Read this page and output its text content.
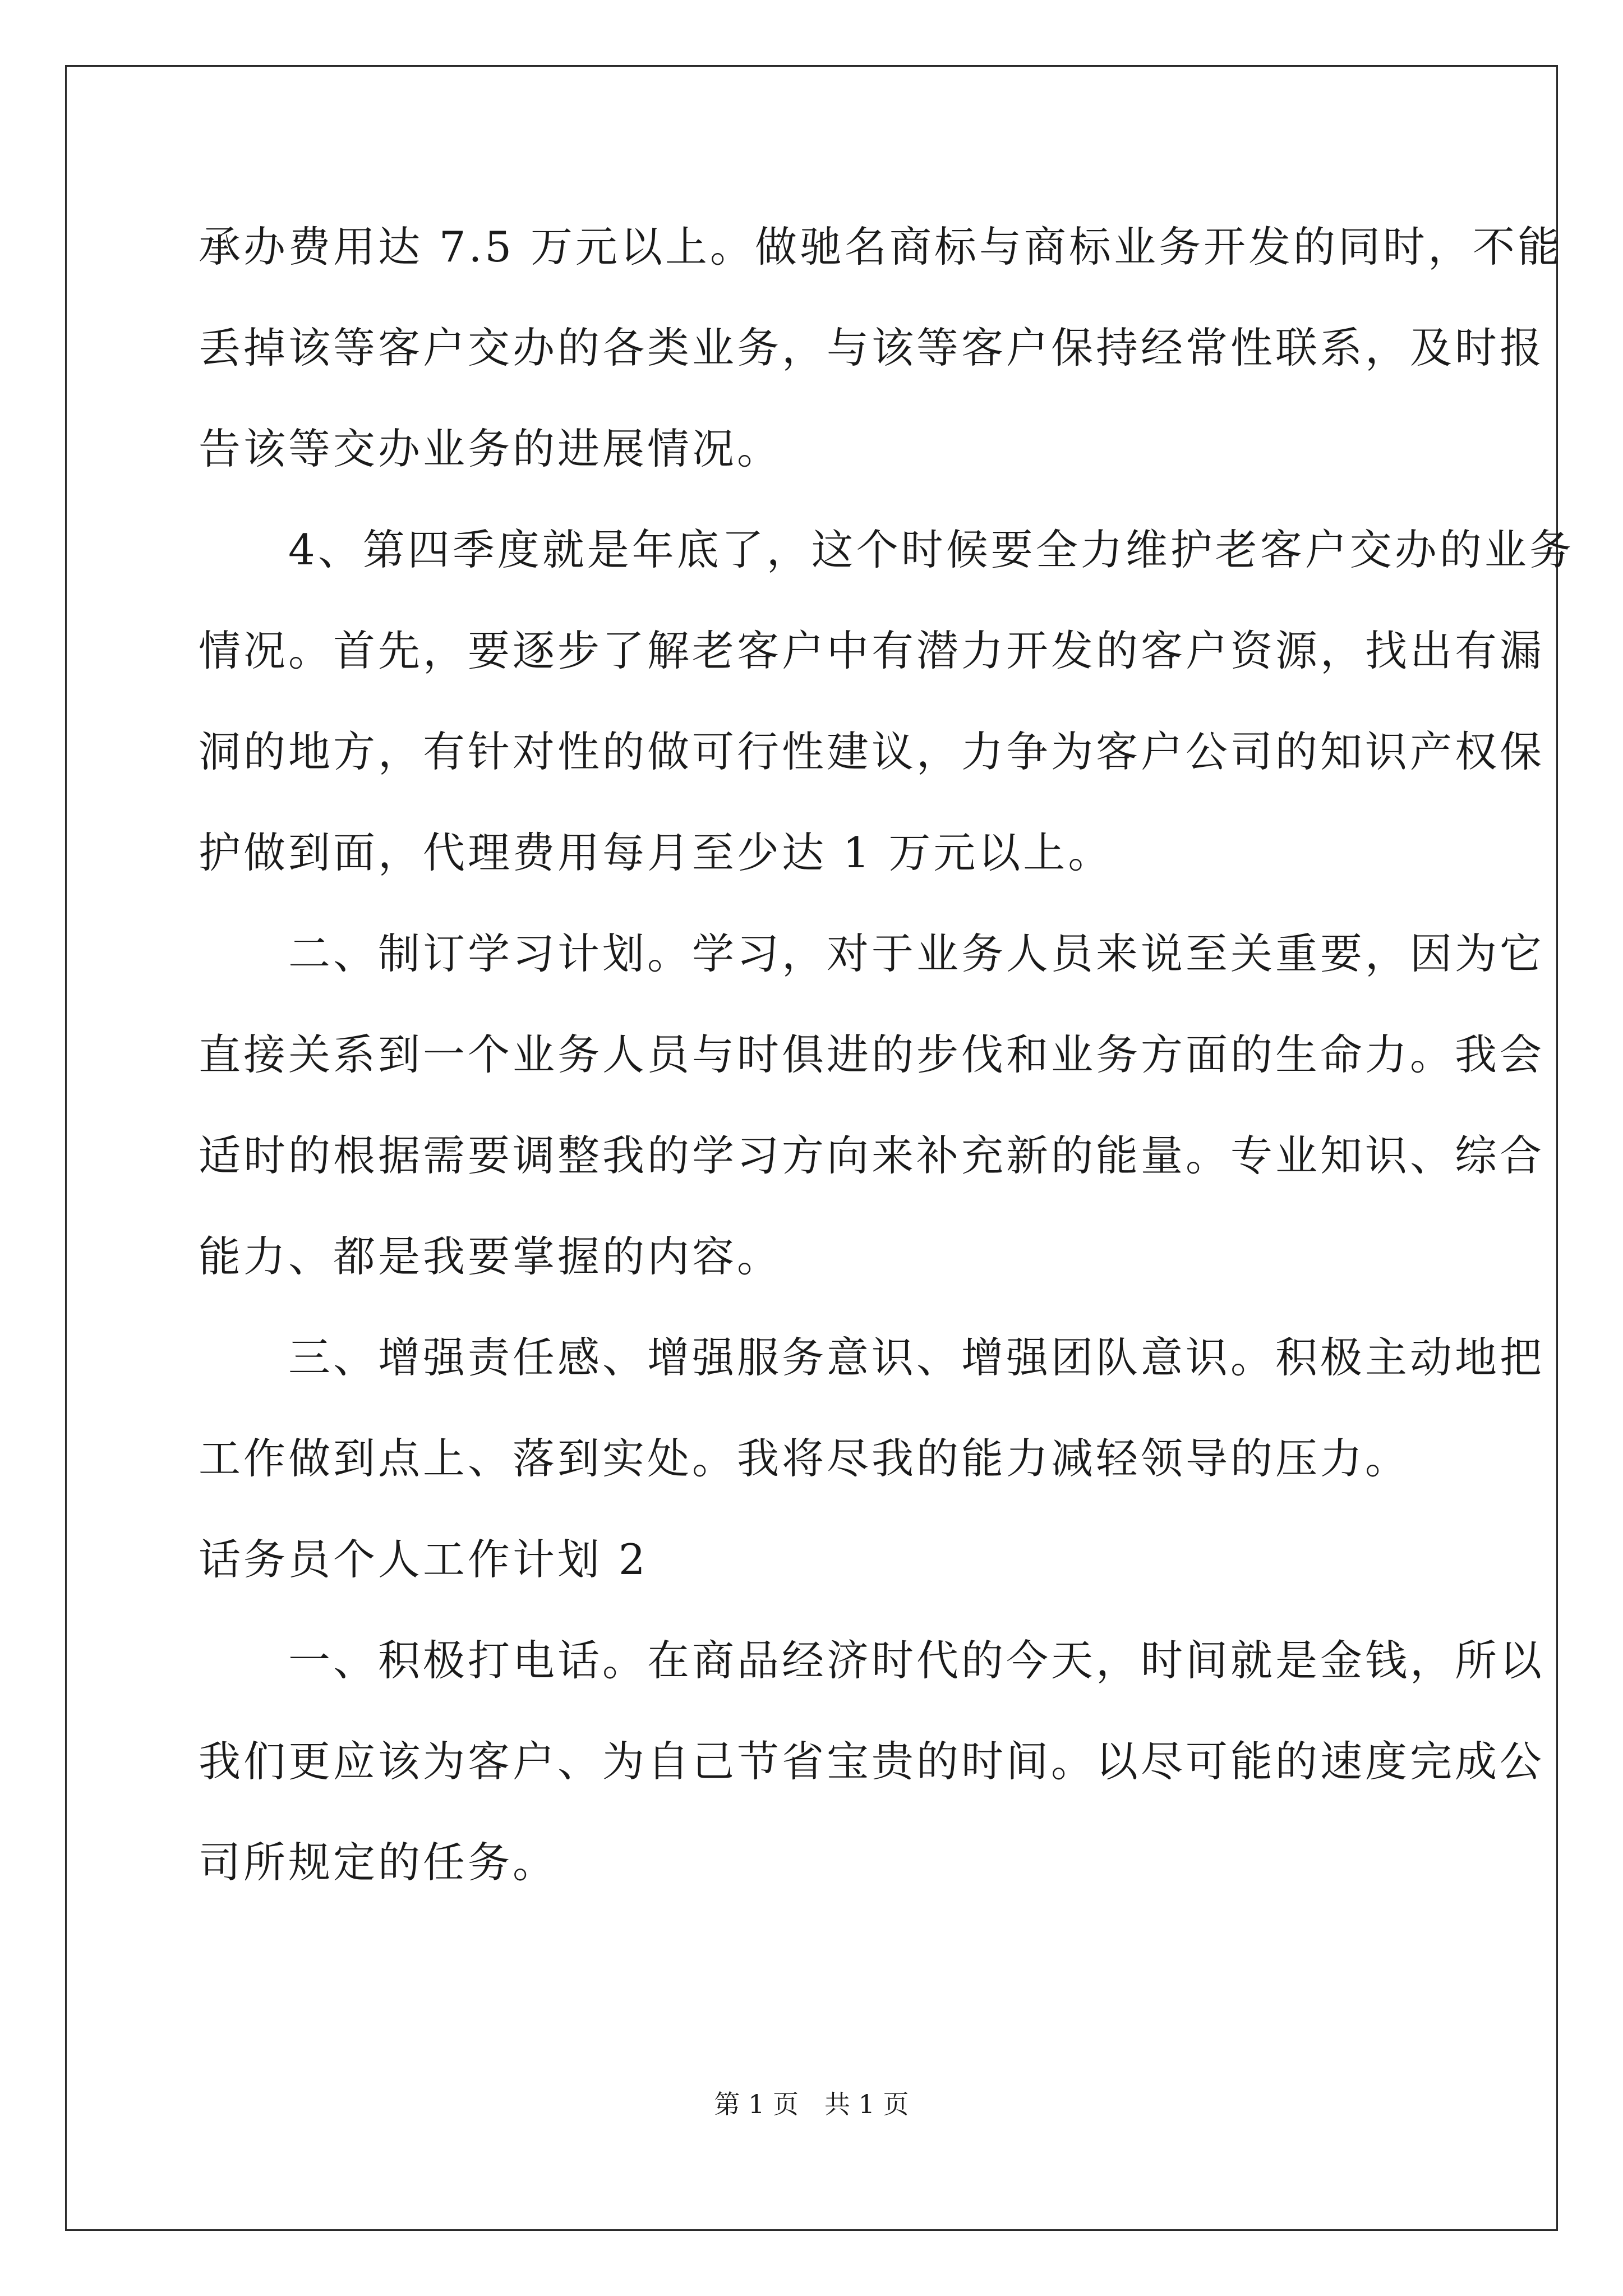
承办费用达 7.5 万元以上。做驰名商标与商标业务开发的同时，不能
丢掉该等客户交办的各类业务，与该等客户保持经常性联系，及时报
告该等交办业务的进展情况。
　　4、第四季度就是年底了，这个时候要全力维护老客户交办的业务
情况。首先，要逐步了解老客户中有潜力开发的客户资源，找出有漏
洞的地方，有针对性的做可行性建议，力争为客户公司的知识产权保
护做到面，代理费用每月至少达 1 万元以上。
　　二、制订学习计划。学习，对于业务人员来说至关重要，因为它
直接关系到一个业务人员与时俱进的步伐和业务方面的生命力。我会
适时的根据需要调整我的学习方向来补充新的能量。专业知识、综合
能力、都是我要掌握的内容。
　　三、增强责任感、增强服务意识、增强团队意识。积极主动地把
工作做到点上、落到实处。我将尽我的能力减轻领导的压力。
话务员个人工作计划 2
　　一、积极打电话。在商品经济时代的今天，时间就是金钱，所以
我们更应该为客户、为自己节省宝贵的时间。以尽可能的速度完成公
司所规定的任务。
第 1 页　共 1 页
